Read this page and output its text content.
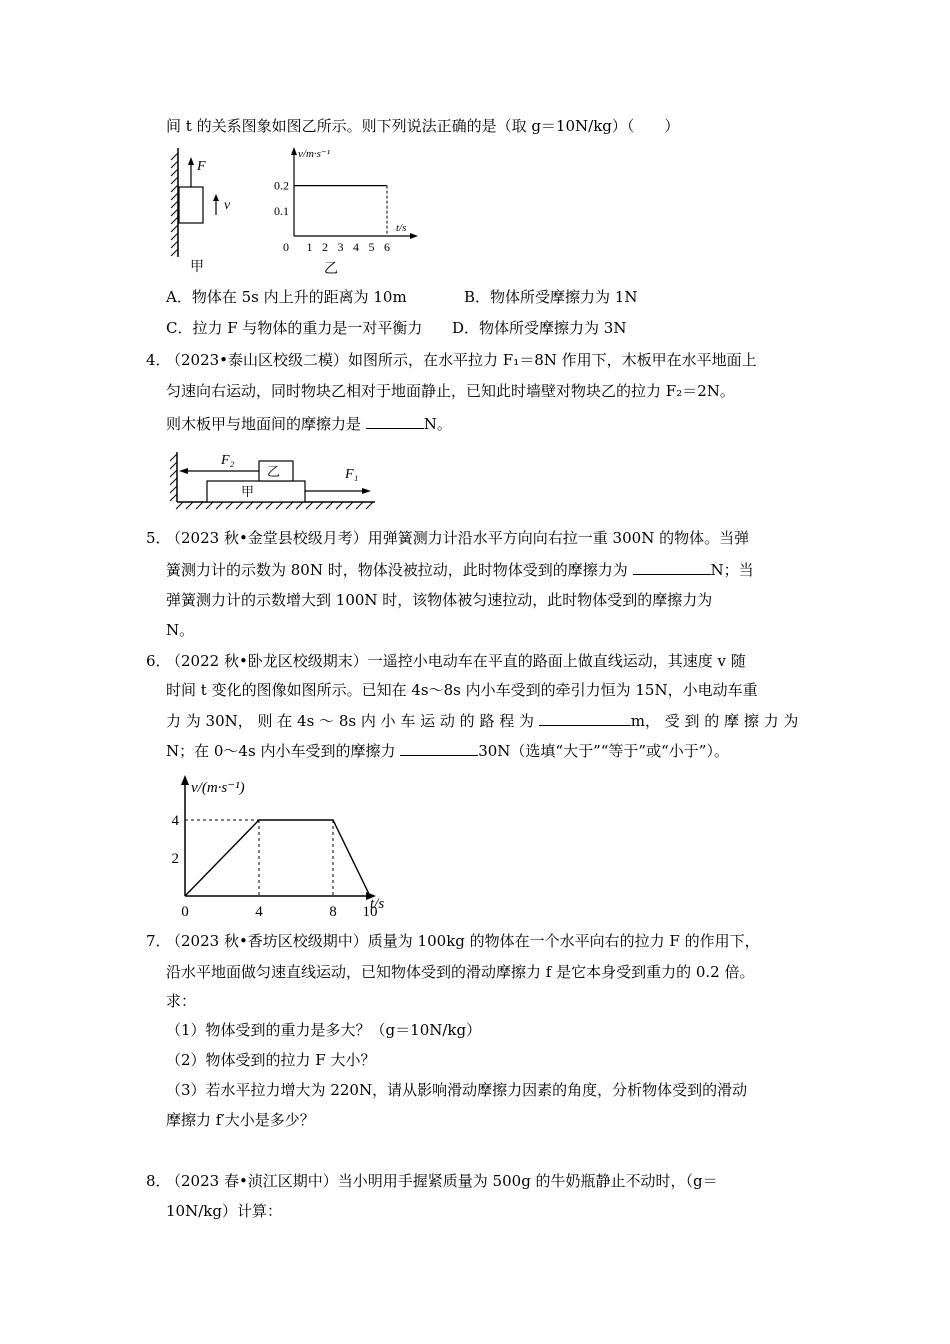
间 t 的关系图象如图乙所示。则下列说法正确的是（取 g＝10N/kg）（　　）
F
v
甲
v/m·s⁻¹
t/s
0.2
0.1
0 1 2 3 4 5 6
乙
A．物体在 5s 内上升的距离为 10m	B．物体所受摩擦力为 1N
C．拉力 F 与物体的重力是一对平衡力 D．物体所受摩擦力为 3N
4．
（2023•泰山区校级二模）如图所示，在水平拉力 F₁＝8N 作用下，木板甲在水平地面上
匀速向右运动，同时物块乙相对于地面静止，已知此时墙壁对物块乙的拉力 F₂＝2N。
则木板甲与地面间的摩擦力是	N。
F₂
乙
甲
F₁
5．
（2023 秋•金堂县校级月考）用弹簧测力计沿水平方向向右拉一重 300N 的物体。当弹
簧测力计的示数为 80N 时，物体没被拉动，此时物体受到的摩擦力为	N；当
弹簧测力计的示数增大到 100N 时，该物体被匀速拉动，此时物体受到的摩擦力为
N。
6．
（2022 秋•卧龙区校级期末）一遥控小电动车在平直的路面上做直线运动，其速度 v 随
时间 t 变化的图像如图所示。已知在 4s～8s 内小车受到的牵引力恒为 15N，小电动车重
力 为 30N， 则 在 4s ～ 8s 内 小 车 运 动 的 路 程 为	m， 受 到 的 摩 擦 力 为
N；在 0～4s 内小车受到的摩擦力	30N（选填“大于”“等于”或“小于”）。
v/(m·s⁻¹)
t/s
4
2
0	4	8 10
7．
（2023 秋•香坊区校级期中）质量为 100kg 的物体在一个水平向右的拉力 F 的作用下，
沿水平地面做匀速直线运动，已知物体受到的滑动摩擦力 f 是它本身受到重力的 0.2 倍。
求：
（1）物体受到的重力是多大？（g＝10N/kg）
（2）物体受到的拉力 F 大小？
（3）若水平拉力增大为 220N，请从影响滑动摩擦力因素的角度，分析物体受到的滑动
摩擦力 f′大小是多少？
8．
（2023 春•浈江区期中）当小明用手握紧质量为 500g 的牛奶瓶静止不动时，（g＝
10N/kg）计算：
